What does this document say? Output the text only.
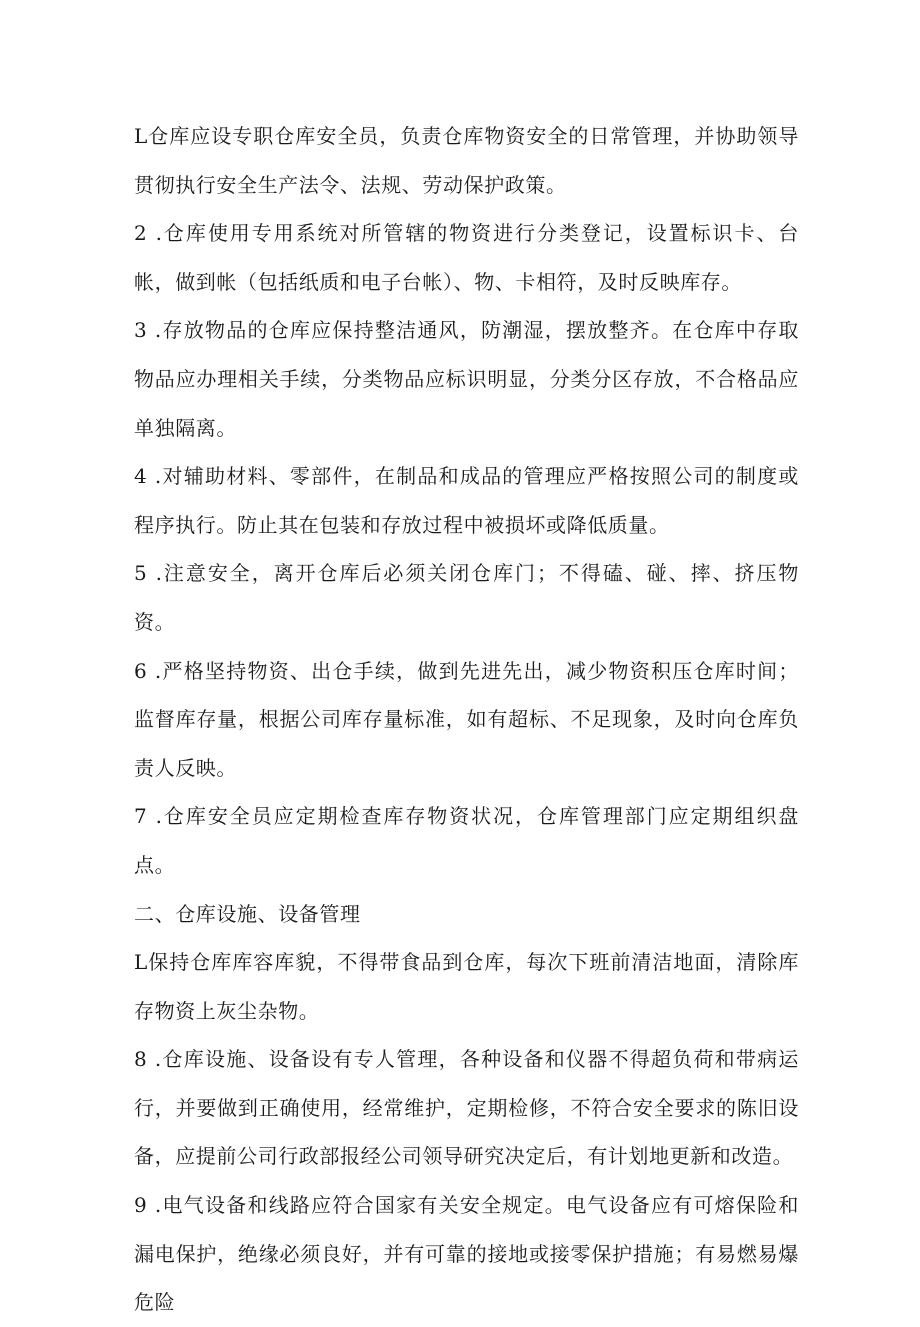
L仓库应设专职仓库安全员，负责仓库物资安全的日常管理，并协助领导贯彻执行安全生产法令、法规、劳动保护政策。

2 .仓库使用专用系统对所管辖的物资进行分类登记，设置标识卡、台帐，做到帐（包括纸质和电子台帐）、物、卡相符，及时反映库存。

3 .存放物品的仓库应保持整洁通风，防潮湿，摆放整齐。在仓库中存取物品应办理相关手续，分类物品应标识明显，分类分区存放，不合格品应单独隔离。

4 .对辅助材料、零部件，在制品和成品的管理应严格按照公司的制度或程序执行。防止其在包装和存放过程中被损坏或降低质量。

5 .注意安全，离开仓库后必须关闭仓库门；不得磕、碰、摔、挤压物资。

6 .严格坚持物资、出仓手续，做到先进先出，减少物资积压仓库时间；监督库存量，根据公司库存量标准，如有超标、不足现象，及时向仓库负责人反映。

7 .仓库安全员应定期检查库存物资状况，仓库管理部门应定期组织盘点。

二、仓库设施、设备管理

L保持仓库库容库貌，不得带食品到仓库，每次下班前清洁地面，清除库存物资上灰尘杂物。

8 .仓库设施、设备设有专人管理，各种设备和仪器不得超负荷和带病运行，并要做到正确使用，经常维护，定期检修，不符合安全要求的陈旧设备，应提前公司行政部报经公司领导研究决定后，有计划地更新和改造。

9 .电气设备和线路应符合国家有关安全规定。电气设备应有可熔保险和漏电保护，绝缘必须良好，并有可靠的接地或接零保护措施；有易燃易爆危险
